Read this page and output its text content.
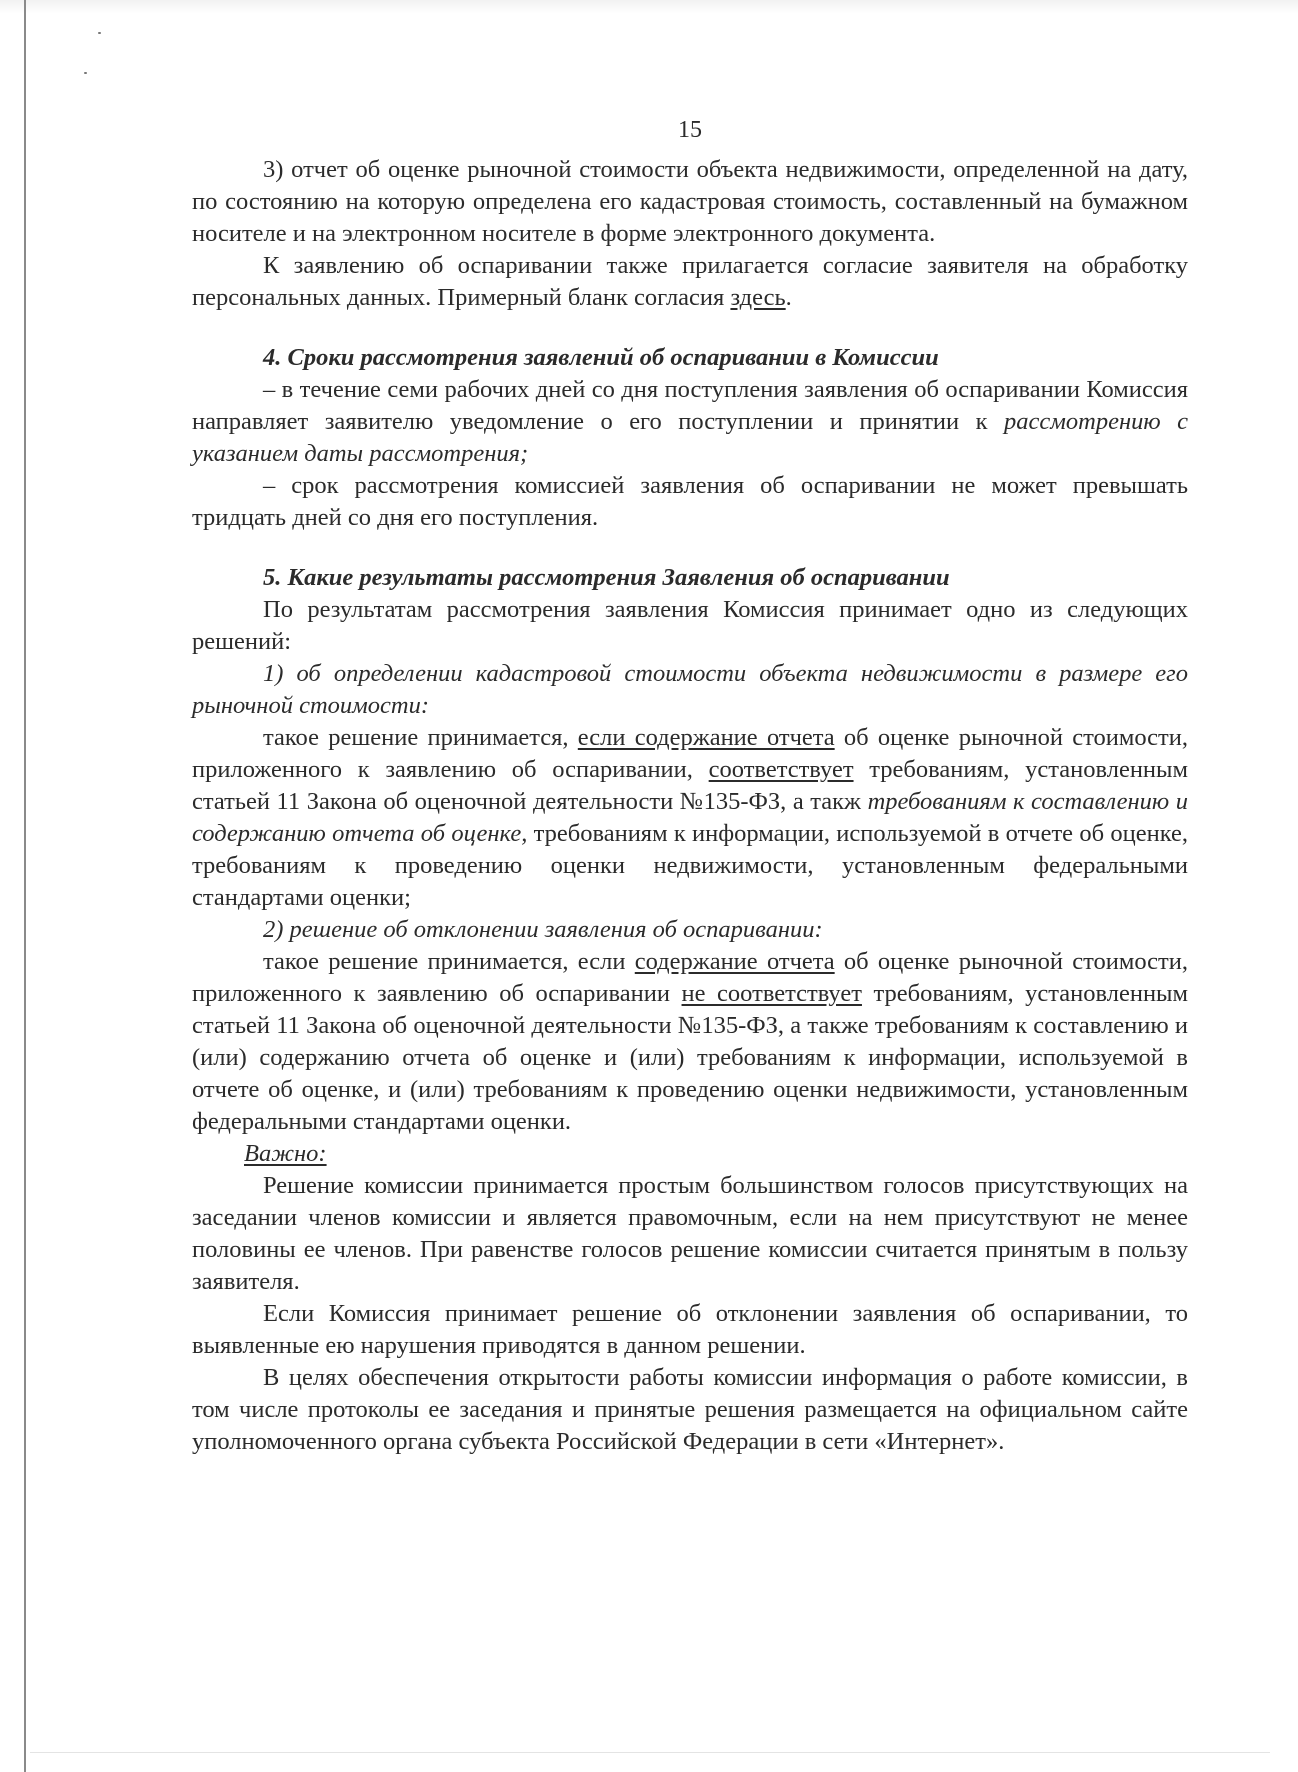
15

3) отчет об оценке рыночной стоимости объекта недвижимости, определенной на дату, по состоянию на которую определена его кадастровая стоимость, составленный на бумажном носителе и на электронном носителе в форме электронного документа.

К заявлению об оспаривании также прилагается согласие заявителя на обработку персональных данных. Примерный бланк согласия здесь.

4. Сроки рассмотрения заявлений об оспаривании в Комиссии

– в течение семи рабочих дней со дня поступления заявления об оспаривании Комиссия направляет заявителю уведомление о его поступлении и принятии к рассмотрению с указанием даты рассмотрения;

– срок рассмотрения комиссией заявления об оспаривании не может превышать тридцать дней со дня его поступления.

5. Какие результаты рассмотрения Заявления об оспаривании

По результатам рассмотрения заявления Комиссия принимает одно из следующих решений:

1) об определении кадастровой стоимости объекта недвижимости в размере его рыночной стоимости:

такое решение принимается, если содержание отчета об оценке рыночной стоимости, приложенного к заявлению об оспаривании, соответствует требованиям, установленным статьей 11 Закона об оценочной деятельности №135-ФЗ, а такж требованиям к составлению и содержанию отчета об оценке, требованиям к информации, используемой в отчете об оценке, требованиям к проведению оценки недвижимости, установленным федеральными стандартами оценки;

2) решение об отклонении заявления об оспаривании:

такое решение принимается, если содержание отчета об оценке рыночной стоимости, приложенного к заявлению об оспаривании не соответствует требованиям, установленным статьей 11 Закона об оценочной деятельности №135-ФЗ, а также требованиям к составлению и (или) содержанию отчета об оценке и (или) требованиям к информации, используемой в отчете об оценке, и (или) требованиям к проведению оценки недвижимости, установленным федеральными стандартами оценки.

Важно:

Решение комиссии принимается простым большинством голосов присутствующих на заседании членов комиссии и является правомочным, если на нем присутствуют не менее половины ее членов. При равенстве голосов решение комиссии считается принятым в пользу заявителя.

Если Комиссия принимает решение об отклонении заявления об оспаривании, то выявленные ею нарушения приводятся в данном решении.

В целях обеспечения открытости работы комиссии информация о работе комиссии, в том числе протоколы ее заседания и принятые решения размещается на официальном сайте уполномоченного органа субъекта Российской Федерации в сети «Интернет».
